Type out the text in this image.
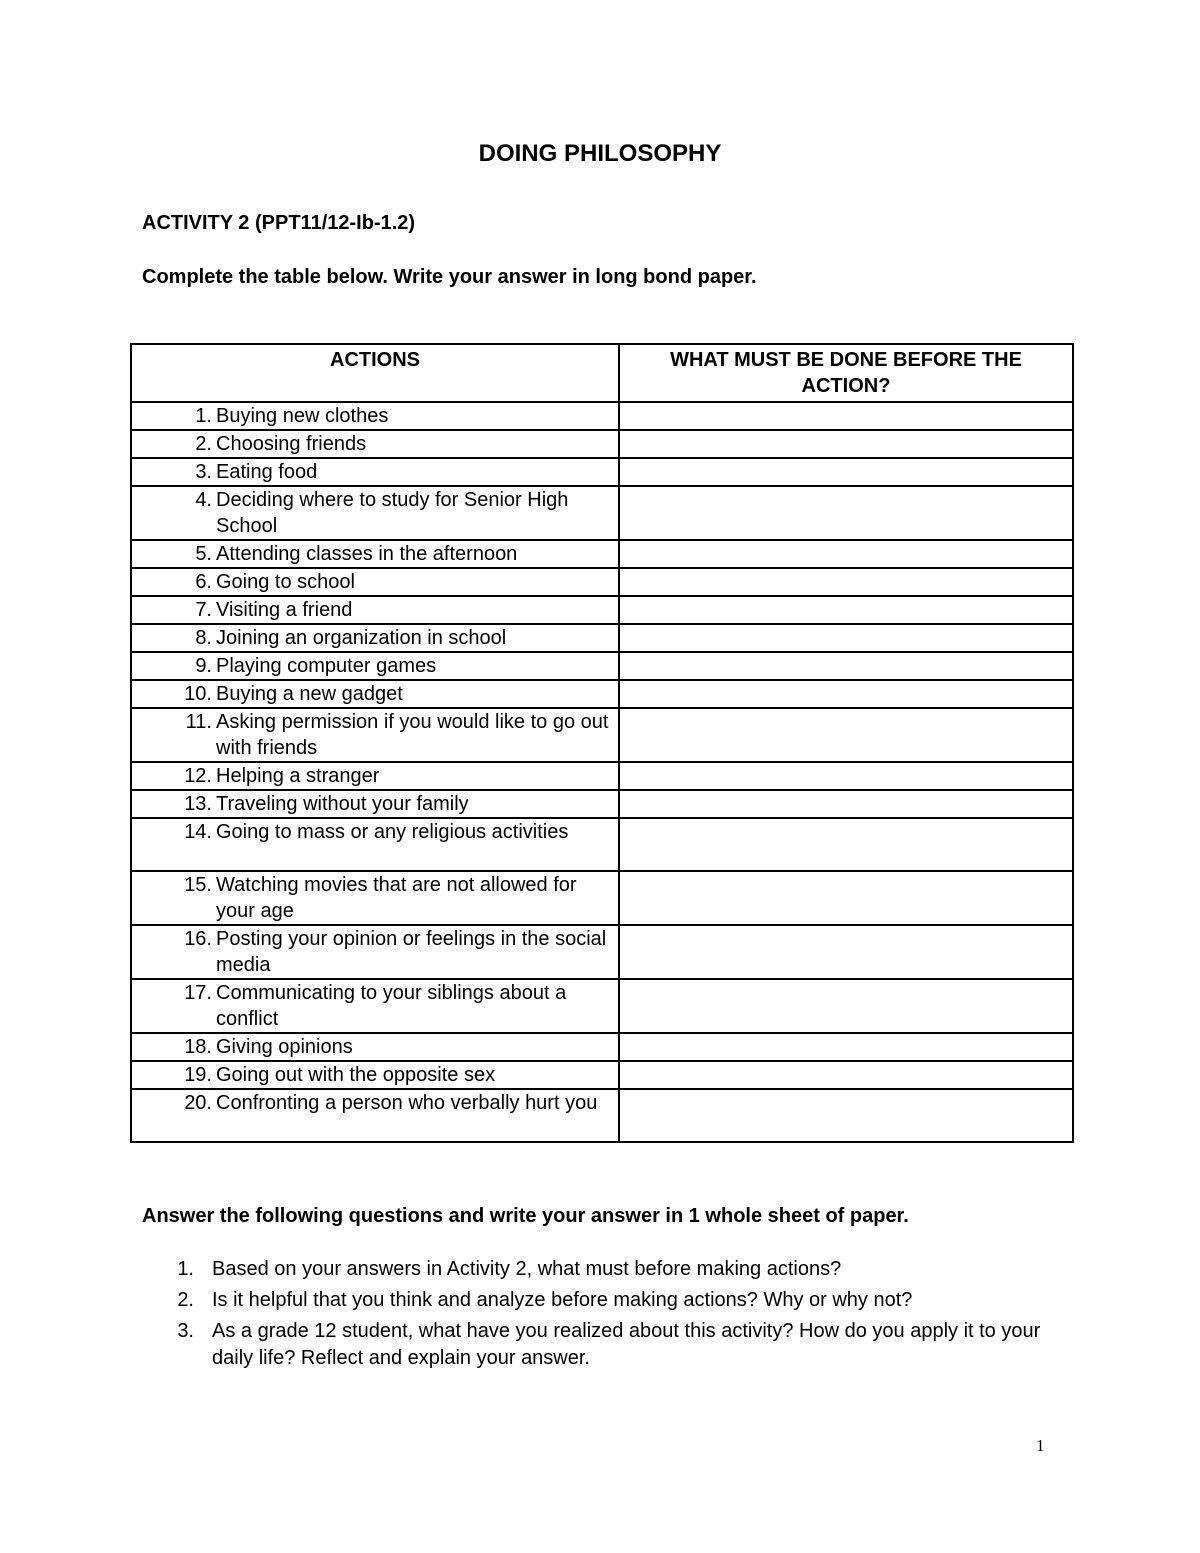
DOING PHILOSOPHY
ACTIVITY 2 (PPT11/12-Ib-1.2)
Complete the table below. Write your answer in long bond paper.
ACTIONS	WHAT MUST BE DONE BEFORE THE ACTION?

1. Buying new clothes	

2. Choosing friends	

3. Eating food	

4. Deciding where to study for Senior High School	

5. Attending classes in the afternoon	

6. Going to school	

7. Visiting a friend	

8. Joining an organization in school	

9. Playing computer games	

10. Buying a new gadget	

11. Asking permission if you would like to go out with friends	

12. Helping a stranger	

13. Traveling without your family	

14. Going to mass or any religious activities	

15. Watching movies that are not allowed for your age	

16. Posting your opinion or feelings in the social media	

17. Communicating to your siblings about a conflict	

18. Giving opinions	

19. Going out with the opposite sex	

20. Confronting a person who verbally hurt you	

Answer the following questions and write your answer in 1 whole sheet of paper.
1. Based on your answers in Activity 2, what must before making actions?
2. Is it helpful that you think and analyze before making actions? Why or why not?
3. As a grade 12 student, what have you realized about this activity? How do you apply it to your daily life? Reflect and explain your answer.
1
